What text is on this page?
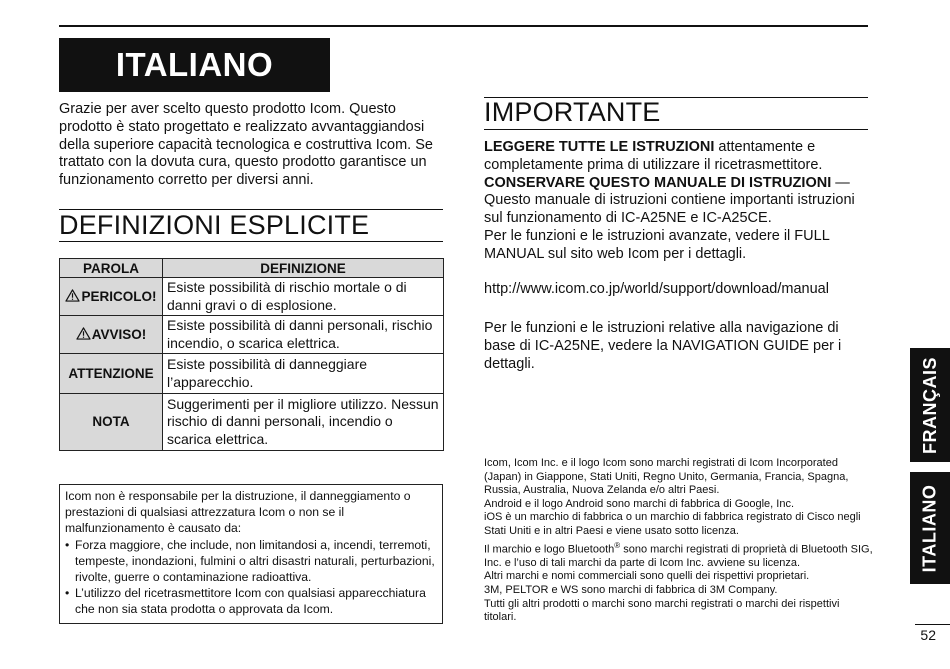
ITALIANO

Grazie per aver scelto questo prodotto Icom. Questo prodotto è stato progettato e realizzato avvantaggiandosi della superiore capacità tecnologica e costruttiva Icom. Se trattato con la dovuta cura, questo prodotto garantisce un funzionamento corretto per diversi anni.

DEFINIZIONI ESPLICITE
PAROLA	DEFINIZIONE
PERICOLO!	Esiste possibilità di rischio mortale o di danni gravi o di esplosione.
AVVISO!	Esiste possibilità di danni personali, rischio incendio, o scarica elettrica.
ATTENZIONE	Esiste possibilità di danneggiare l’apparecchio.
NOTA	Suggerimenti per il migliore utilizzo. Nessun rischio di danni personali, incendio o scarica elettrica.
Icom non è responsabile per la distruzione, il danneggiamento o prestazioni di qualsiasi attrezzatura Icom o non se il malfunzionamento è causato da:
• Forza maggiore, che include, non limitandosi a, incendi, terremoti, tempeste, inondazioni, fulmini o altri disastri naturali, perturbazioni, rivolte, guerre o contaminazione radioattiva.
• L’utilizzo del ricetrasmettitore Icom con qualsiasi apparecchiatura che non sia stata prodotta o approvata da Icom.
IMPORTANTE

LEGGERE TUTTE LE ISTRUZIONI attentamente e completamente prima di utilizzare il ricetrasmettitore.

CONSERVARE QUESTO MANUALE DI ISTRUZIONI — Questo manuale di istruzioni contiene importanti istruzioni sul funzionamento di IC-A25NE e IC-A25CE.

Per le funzioni e le istruzioni avanzate, vedere il FULL MANUAL sul sito web Icom per i dettagli.

http://www.icom.co.jp/world/support/download/manual

Per le funzioni e le istruzioni relative alla navigazione di base di IC-A25NE, vedere la NAVIGATION GUIDE per i dettagli.

Icom, Icom Inc. e il logo Icom sono marchi registrati di Icom Incorporated (Japan) in Giappone, Stati Uniti, Regno Unito, Germania, Francia, Spagna, Russia, Australia, Nuova Zelanda e/o altri Paesi.

Android e il logo Android sono marchi di fabbrica di Google, Inc.

iOS è un marchio di fabbrica o un marchio di fabbrica registrato di Cisco negli Stati Uniti e in altri Paesi e viene usato sotto licenza.

Il marchio e logo Bluetooth® sono marchi registrati di proprietà di Bluetooth SIG, Inc. e l’uso di tali marchi da parte di Icom Inc. avviene su licenza.

Altri marchi e nomi commerciali sono quelli dei rispettivi proprietari.

3M, PELTOR e WS sono marchi di fabbrica di 3M Company.

Tutti gli altri prodotti o marchi sono marchi registrati o marchi dei rispettivi titolari.

FRANÇAIS
ITALIANO
52
